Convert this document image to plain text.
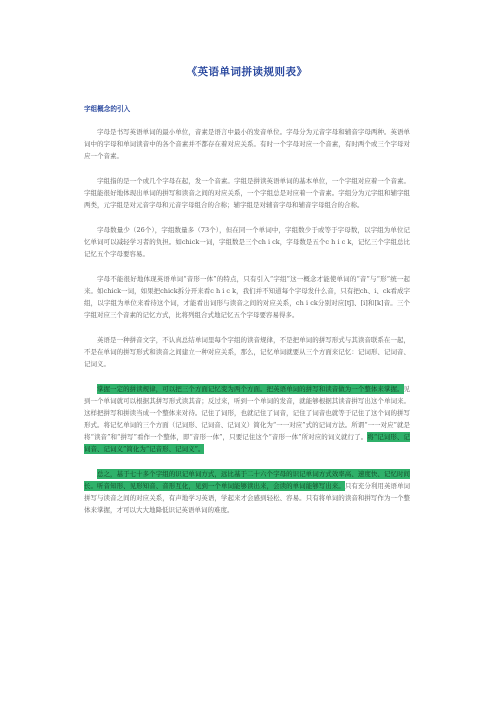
《英语单词拼读规则表》
字组概念的引入

字母是书写英语单词的最小单位，音素是语言中最小的发音单位。字母分为元音字母和辅音字母两种。英语单词中的字母和单词读音中的各个音素并不都存在着对应关系。有时一个字母对应一个音素，有时两个或三个字母对应一个音素。

字组指的是一个或几个字母在起，发一个音素。字组是拼读英语单词的基本单位，一个字组对应着一个音素。字组能很好地体现出单词的拼写和读音之间的对应关系，一个字组总是对应着一个音素。字组分为元字组和辅字组两类，元字组是对元音字母和元音字母组合的合称；辅字组是对辅音字母和辅音字母组合的合称。

字母数量少（26个），字组数量多（73个），但在同一个单词中，字组数少于或等于字母数，以字组为单位记忆单词可以减轻学习者的负担。如chick一词，字组数是三个ch i ck，字母数是五个c h i c k，记忆三个字组总比记忆五个字母要容易。

字母不能很好地体现英语单词“音形一体”的特点，只有引入“字组”这一概念才能使单词的“音”与“形”统一起来。如chick一词，如果把chick拆分开来看c h i c k，我们并不知道每个字母发什么音，只有把ch、i、ck看成字组，以字组为单位来看待这个词，才能看出词形与读音之间的对应关系，ch i ck分别对应[tʃ]、[i]和[k]音。三个字组对应三个音素的记忆方式，比将列组合式地记忆五个字母要容易得多。

英语是一种拼音文字，不认真总结单词里每个字组的读音规律，不是把单词的拼写形式与其读音联系在一起，不是在单词的拼写形式和读音之间建立一种对应关系，那么，记忆单词就要从三个方面来记忆：记词形、记词音、记词义。

掌握一定的拼读规律，可以把三个方面记忆变为两个方面。把英语单词的拼写和读音做为一个整体来掌握。见到一个单词就可以根据其拼写形式读其音；反过来，听到一个单词的发音，就能够根据其读音拼写出这个单词来。这样把拼写和拼读当成一个整体来对待。记住了词形，也就记住了词音，记住了词音也就等于记住了这个词的拼写形式。将记忆单词的三个方面（记词形、记词音、记词义）简化为“一一对应”式的记词方法。所谓“一一对应”就是将“读音”和“拼写”看作一个整体，即“音形一体”，只要记住这个“音形一体”所对应的词义就行了。将“记词形、记词音、记词义”简化为“记音形、记词义”。

总之，基于七十多个字组的识记单词方式，远比基于二十六个字母的识记单词方式效率高、速度快、记忆时间长。听音知形、见形知音、音形互化，见到一个单词能够读出来，会读的单词能够写出来。只有充分利用英语单词拼写与读音之间的对应关系，有声地学习英语，学起来才会感到轻松、容易。只有将单词的读音和拼写作为一个整体来掌握，才可以大大地降低识记英语单词的难度。
